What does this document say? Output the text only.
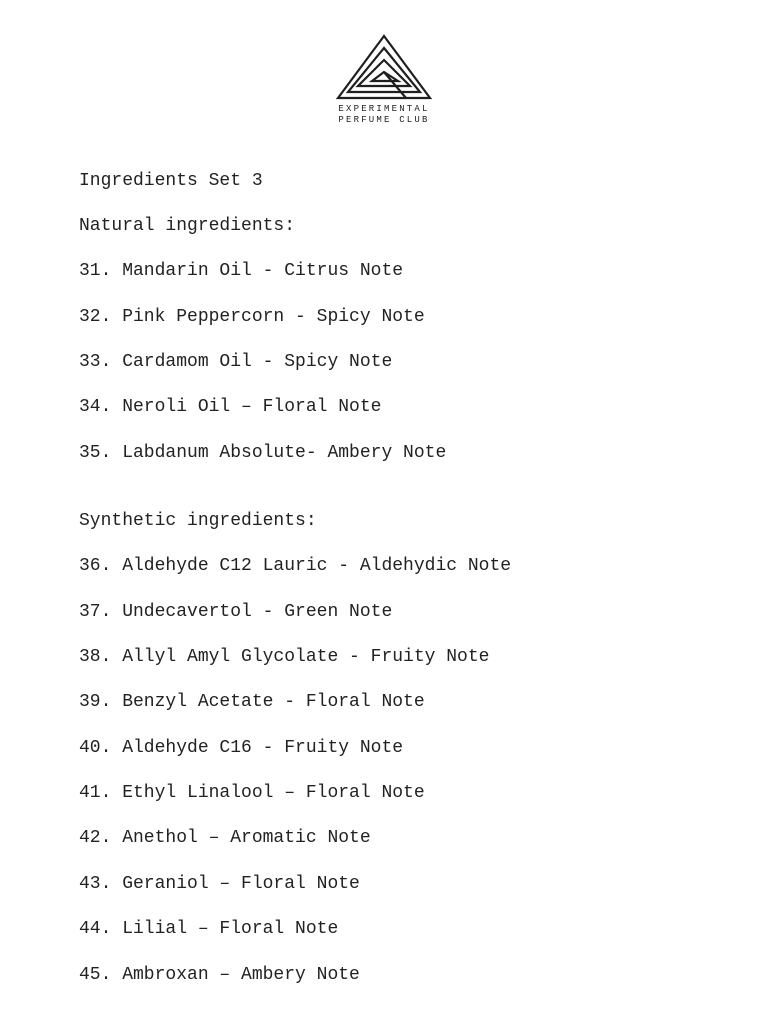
EXPERIMENTAL
PERFUME CLUB
Ingredients Set 3
Natural ingredients:
31. Mandarin Oil - Citrus Note
32. Pink Peppercorn - Spicy Note
33. Cardamom Oil - Spicy Note
34. Neroli Oil – Floral Note
35. Labdanum Absolute- Ambery Note
Synthetic ingredients:
36. Aldehyde C12 Lauric - Aldehydic Note
37. Undecavertol - Green Note
38. Allyl Amyl Glycolate - Fruity Note
39. Benzyl Acetate - Floral Note
40. Aldehyde C16 - Fruity Note
41. Ethyl Linalool – Floral Note
42. Anethol – Aromatic Note
43. Geraniol – Floral Note
44. Lilial – Floral Note
45. Ambroxan – Ambery Note
